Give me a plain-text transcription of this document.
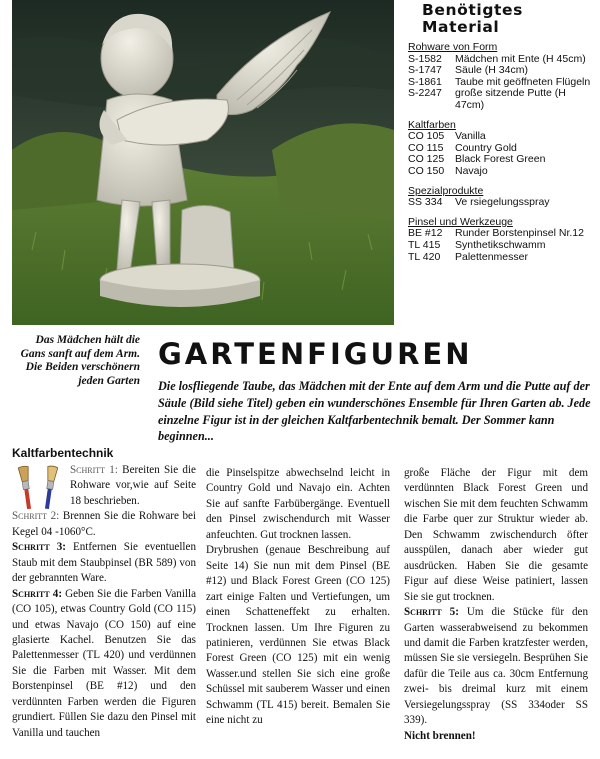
Benötigtes
Material
Rohware von Form
S-1582	Mädchen mit Ente (H 45cm)
S-1747	Säule (H 34cm)
S-1861	Taube mit geöffneten Flügeln
S-2247	große sitzende Putte (H 47cm)
Kaltfarben
CO 105	Vanilla
CO 115	Country Gold
CO 125	Black Forest Green
CO 150	Navajo
Spezialprodukte
SS 334	Ve rsiegelungsspray
Pinsel und Werkzeuge
BE #12	Runder Borstenpinsel Nr.12
TL 415	Synthetikschwamm
TL 420	Palettenmesser
Das Mädchen hält die Gans sanft auf dem Arm. Die Beiden verschönern jeden Garten
GARTENFIGUREN

Die losfliegende Taube, das Mädchen mit der Ente auf dem Arm und die Putte auf der Säule (Bild siehe Titel) geben ein wunderschönes Ensemble für Ihren Garten ab. Jede einzelne Figur ist in der gleichen Kaltfarbentechnik bemalt. Der Sommer kann beginnen...

Kaltfarbentechnik

Schritt 1: Bereiten Sie die Rohware vor,wie auf Seite 18 beschrieben.

Schritt 2: Brennen Sie die Rohware bei Kegel 04 -1060°C.

Schritt 3: Entfernen Sie eventuellen Staub mit dem Staubpinsel (BR 589) von der gebrannten Ware.

Schritt 4: Geben Sie die Farben Vanilla (CO 105), etwas Country Gold (CO 115) und etwas Navajo (CO 150) auf eine glasierte Kachel. Benutzen Sie das Palettenmesser (TL 420) und verdünnen Sie die Farben mit Wasser. Mit dem Borstenpinsel (BE #12) und den verdünnten Farben werden die Figuren grundiert. Füllen Sie dazu den Pinsel mit Vanilla und tauchen

die Pinselspitze abwechselnd leicht in Country Gold und Navajo ein. Achten Sie auf sanfte Farbübergänge. Eventuell den Pinsel zwischendurch mit Wasser anfeuchten. Gut trocknen lassen.

Drybrushen (genaue Beschreibung auf Seite 14) Sie nun mit dem Pinsel (BE #12) und Black Forest Green (CO 125) zart einige Falten und Vertiefungen, um einen Schatteneffekt zu erhalten. Trocknen lassen. Um Ihre Figuren zu patinieren, verdünnen Sie etwas Black Forest Green (CO 125) mit ein wenig Wasser.und stellen Sie sich eine große Schüssel mit sauberem Wasser und einen Schwamm (TL 415) bereit. Bemalen Sie eine nicht zu

große Fläche der Figur mit dem verdünnten Black Forest Green und wischen Sie mit dem feuchten Schwamm die Farbe quer zur Struktur wieder ab. Den Schwamm zwischendurch öfter ausspülen, danach aber wieder gut ausdrücken. Haben Sie die gesamte Figur auf diese Weise patiniert, lassen Sie sie gut trocknen.

Schritt 5: Um die Stücke für den Garten wasserabweisend zu bekommen und damit die Farben kratzfester werden, müssen Sie sie versiegeln. Besprühen Sie dafür die Teile aus ca. 30cm Entfernung zwei- bis dreimal kurz mit einem Versiegelungsspray (SS 334oder SS 339).

Nicht brennen!
